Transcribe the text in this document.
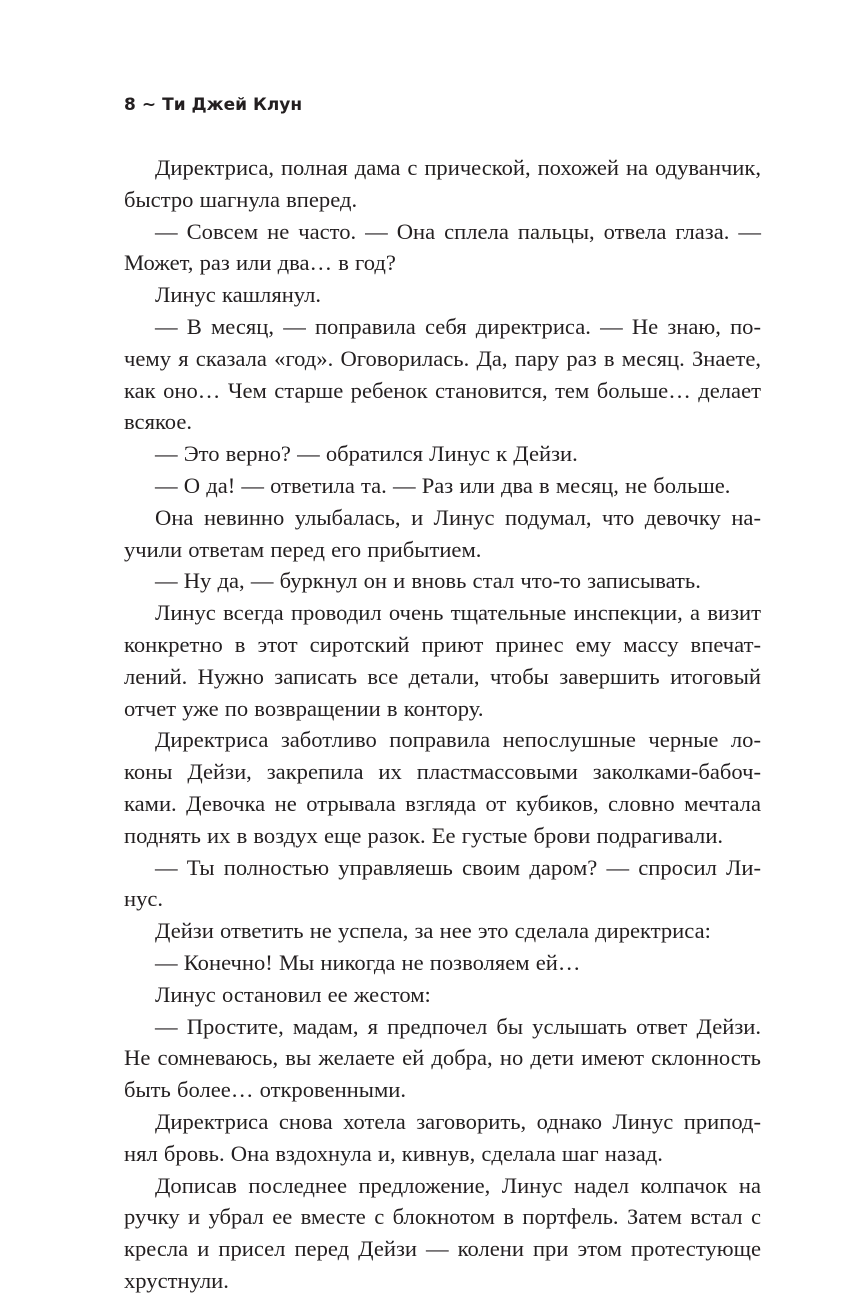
8 ~ Ти Джей Клун

Директриса, полная дама с прической, похожей на одуванчик, быстро шагнула вперед.

— Совсем не часто. — Она сплела пальцы, отвела глаза. — Может, раз или два… в год?

Линус кашлянул.

— В месяц, — поправила себя директриса. — Не знаю, почему я сказала «год». Оговорилась. Да, пару раз в месяц. Знаете, как оно… Чем старше ребенок становится, тем больше… делает всякое.

— Это верно? — обратился Линус к Дейзи.

— О да! — ответила та. — Раз или два в месяц, не больше.

Она невинно улыбалась, и Линус подумал, что девочку научили ответам перед его прибытием.

— Ну да, — буркнул он и вновь стал что-то записывать.

Линус всегда проводил очень тщательные инспекции, а визит конкретно в этот сиротский приют принес ему массу впечатлений. Нужно записать все детали, чтобы завершить итоговый отчет уже по возвращении в контору.

Директриса заботливо поправила непослушные черные локоны Дейзи, закрепила их пластмассовыми заколками-бабочками. Девочка не отрывала взгляда от кубиков, словно мечтала поднять их в воздух еще разок. Ее густые брови подрагивали.

— Ты полностью управляешь своим даром? — спросил Линус.

Дейзи ответить не успела, за нее это сделала директриса:

— Конечно! Мы никогда не позволяем ей…

Линус остановил ее жестом:

— Простите, мадам, я предпочел бы услышать ответ Дейзи. Не сомневаюсь, вы желаете ей добра, но дети имеют склонность быть более… откровенными.

Директриса снова хотела заговорить, однако Линус приподнял бровь. Она вздохнула и, кивнув, сделала шаг назад.

Дописав последнее предложение, Линус надел колпачок на ручку и убрал ее вместе с блокнотом в портфель. Затем встал с кресла и присел перед Дейзи — колени при этом протестующе хрустнули.
